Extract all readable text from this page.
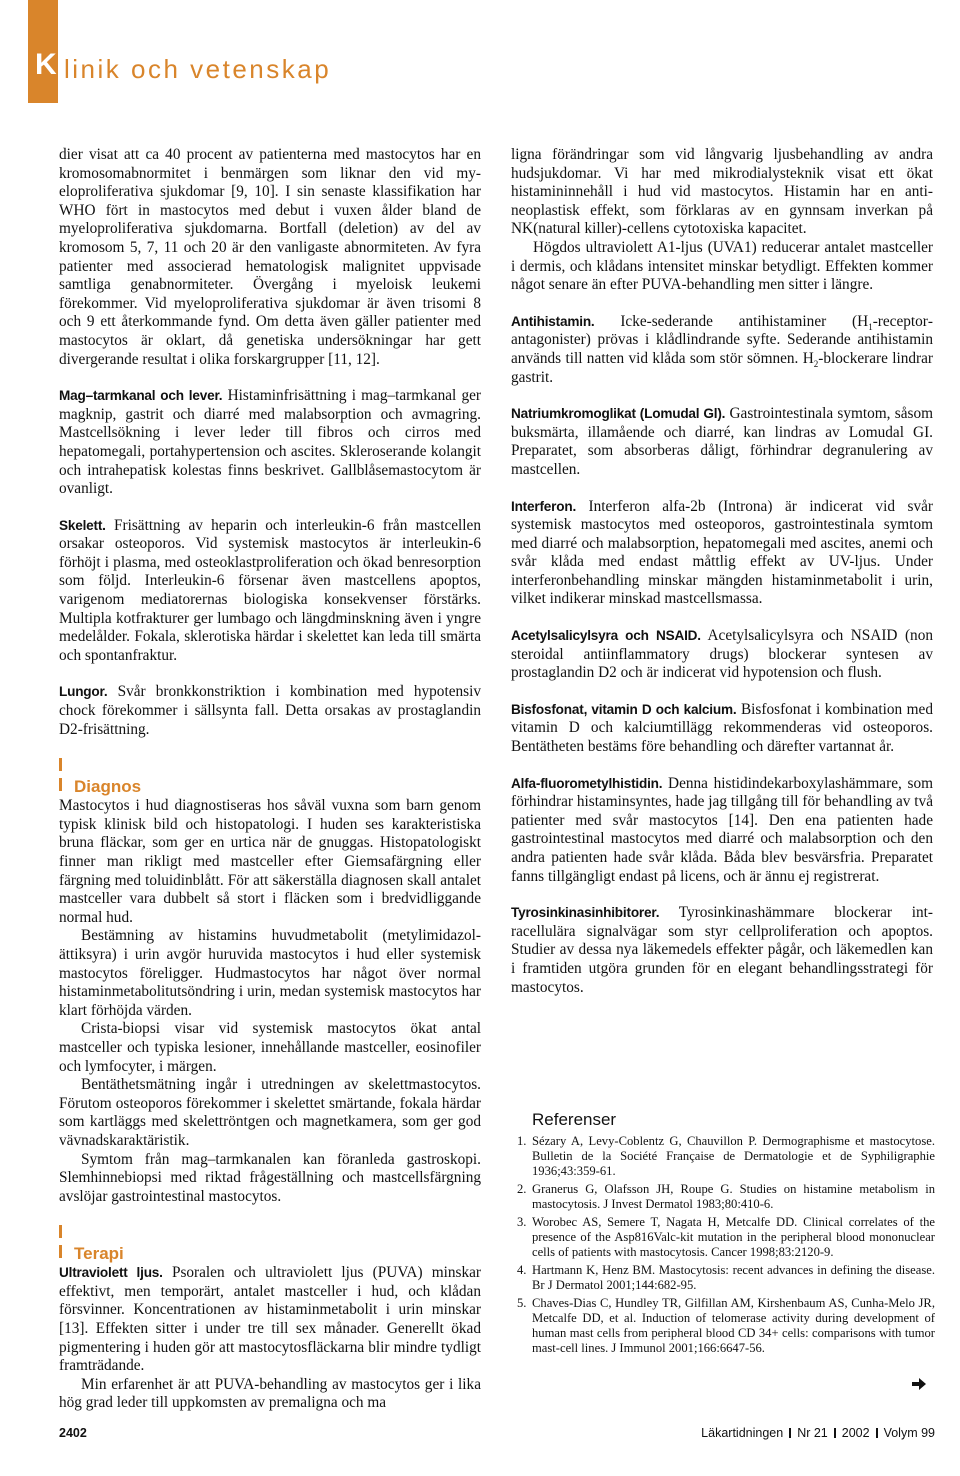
K linik och vetenskap

dier visat att ca 40 procent av patienterna med mastocytos har en kromosomabnormitet i benmärgen som liknar den vid myeloproliferativa sjukdomar [9, 10]. I sin senaste klassifikation har WHO fört in mastocytos med debut i vuxen ålder bland de myeloproliferativa sjukdomarna. Bortfall (deletion) av del av kromosom 5, 7, 11 och 20 är den vanligaste abnormiteten. Av fyra patienter med associerad hematologisk malignitet uppvisade samtliga genabnormiteter. Övergång i myeloisk leukemi förekommer. Vid myeloproliferativa sjukdomar är även trisomi 8 och 9 ett återkommande fynd. Om detta även gäller patienter med mastocytos är oklart, då genetiska undersökningar har gett divergerande resultat i olika forskargrupper [11, 12].

Mag–tarmkanal och lever. Histaminfrisättning i mag–tarmkanal ger magknip, gastrit och diarré med malabsorption och avmagring. Mastcellsökning i lever leder till fibros och cirros med hepatomegali, portahypertension och ascites. Skleroserande kolangit och intrahepatisk kolestas finns beskrivet. Gallblåsemastocytom är ovanligt.

Skelett. Frisättning av heparin och interleukin-6 från mastcellen orsakar osteoporos. Vid systemisk mastocytos är interleukin-6 förhöjt i plasma, med osteoklastproliferation och ökad benresorption som följd. Interleukin-6 försenar även mastcellens apoptos, varigenom mediatorernas biologiska konsekvenser förstärks. Multipla kotfrakturer ger lumbago och längdminskning även i yngre medelålder. Fokala, sklerotiska härdar i skelettet kan leda till smärta och spontanfraktur.

Lungor. Svår bronkkonstriktion i kombination med hypotensiv chock förekommer i sällsynta fall. Detta orsakas av prostaglandin D2-frisättning.

Diagnos

Mastocytos i hud diagnostiseras hos såväl vuxna som barn genom typisk klinisk bild och histopatologi. I huden ses karakteristiska bruna fläckar, som ger en urtica när de gnuggas. Histopatologiskt finner man rikligt med mastceller efter Giemsafärgning eller färgning med toluidinblått. För att säkerställa diagnosen skall antalet mastceller vara dubbelt så stort i fläcken som i bredvidliggande normal hud.

Bestämning av histamins huvudmetabolit (metylimidazolättiksyra) i urin avgör huruvida mastocytos i hud eller systemisk mastocytos föreligger. Hudmastocytos har något över normal histaminmetabolitutsöndring i urin, medan systemisk mastocytos har klart förhöjda värden.

Crista-biopsi visar vid systemisk mastocytos ökat antal mastceller och typiska lesioner, innehållande mastceller, eosinofiler och lymfocyter, i märgen.

Bentäthetsmätning ingår i utredningen av skelettmastocytos. Förutom osteoporos förekommer i skelettet smärtande, fokala härdar som kartläggs med skelettröntgen och magnetkamera, som ger god vävnadskaraktäristik.

Symtom från mag–tarmkanalen kan föranleda gastroskopi. Slemhinnebiopsi med riktad frågeställning och mastcellsfärgning avslöjar gastrointestinal mastocytos.

Terapi

Ultraviolett ljus. Psoralen och ultraviolett ljus (PUVA) minskar effektivt, men temporärt, antalet mastceller i hud, och klådan försvinner. Koncentrationen av histaminmetabolit i urin minskar [13]. Effekten sitter i under tre till sex månader. Generellt ökad pigmentering i huden gör att mastocytosfläckarna blir mindre tydligt framträdande.

Min erfarenhet är att PUVA-behandling av mastocytos ger i lika hög grad leder till uppkomsten av premaligna och ma

ligna förändringar som vid långvarig ljusbehandling av andra hudsjukdomar. Vi har med mikrodialysteknik visat ett ökat histamininnehåll i hud vid mastocytos. Histamin har en antineoplastisk effekt, som förklaras av en gynnsam inverkan på NK(natural killer)-cellens cytotoxiska kapacitet.

Högdos ultraviolett A1-ljus (UVA1) reducerar antalet mastceller i dermis, och klådans intensitet minskar betydligt. Effekten kommer något senare än efter PUVA-behandling men sitter i längre.

Antihistamin. Icke-sederande antihistaminer $(H_1-receptorantagonister)$ prövas i klådlindrande syfte. Sederande antihistamin används till natten vid klåda som stör sömnen. $H_2$-blockerare lindrar gastrit.

Natriumkromoglikat (Lomudal Gl). Gastrointestinala symtom, såsom buksmärta, illamående och diarré, kan lindras av Lomudal GI. Preparatet, som absorberas dåligt, förhindrar degranulering av mastcellen.

Interferon. Interferon alfa-2b (Introna) är indicerat vid svår systemisk mastocytos med osteoporos, gastrointestinala symtom med diarré och malabsorption, hepatomegali med ascites, anemi och svår klåda med endast måttlig effekt av UV-ljus. Under interferonbehandling minskar mängden histaminmetabolit i urin, vilket indikerar minskad mastcellsmassa.

Acetylsalicylsyra och NSAID. Acetylsalicylsyra och NSAID (non steroidal antiinflammatory drugs) blockerar syntesen av prostaglandin D2 och är indicerat vid hypotension och flush.

Bisfosfonat, vitamin D och kalcium. Bisfosfonat i kombination med vitamin D och kalciumtillägg rekommenderas vid osteoporos. Bentätheten bestäms före behandling och därefter vartannat år.

Alfa-fluorometylhistidin. Denna histidindekarboxylashämmare, som förhindrar histaminsyntes, hade jag tillgång till för behandling av två patienter med svår mastocytos [14]. Den ena patienten hade gastrointestinal mastocytos med diarré och malabsorption och den andra patienten hade svår klåda. Båda blev besvärsfria. Preparatet fanns tillgängligt endast på licens, och är ännu ej registrerat.

Tyrosinkinasinhibitorer. Tyrosinkinashämmare blockerar intracellulära signalvägar som styr cellproliferation och apoptos. Studier av dessa nya läkemedels effekter pågår, och läkemedlen kan i framtiden utgöra grunden för en elegant behandlingsstrategi för mastocytos.

Referenser
1. Sézary A, Levy-Coblentz G, Chauvillon P. Dermographisme et mastocytose. Bulletin de la Société Française de Dermatologie et de Syphiligraphie 1936;43:359-61.
2. Granerus G, Olafsson JH, Roupe G. Studies on histamine metabolism in mastocytosis. J Invest Dermatol 1983;80:410-6.
3. Worobec AS, Semere T, Nagata H, Metcalfe DD. Clinical correlates of the presence of the Asp816Valc-kit mutation in the peripheral blood mononuclear cells of patients with mastocytosis. Cancer 1998;83:2120-9.
4. Hartmann K, Henz BM. Mastocytosis: recent advances in defining the disease. Br J Dermatol 2001;144:682-95.
5. Chaves-Dias C, Hundley TR, Gilfillan AM, Kirshenbaum AS, Cunha-Melo JR, Metcalfe DD, et al. Induction of telomerase activity during development of human mast cells from peripheral blood CD 34+ cells: comparisons with tumor mast-cell lines. J Immunol 2001;166:6647-56.
2402	Läkartidningen Nr 21 2002 Volym 99
